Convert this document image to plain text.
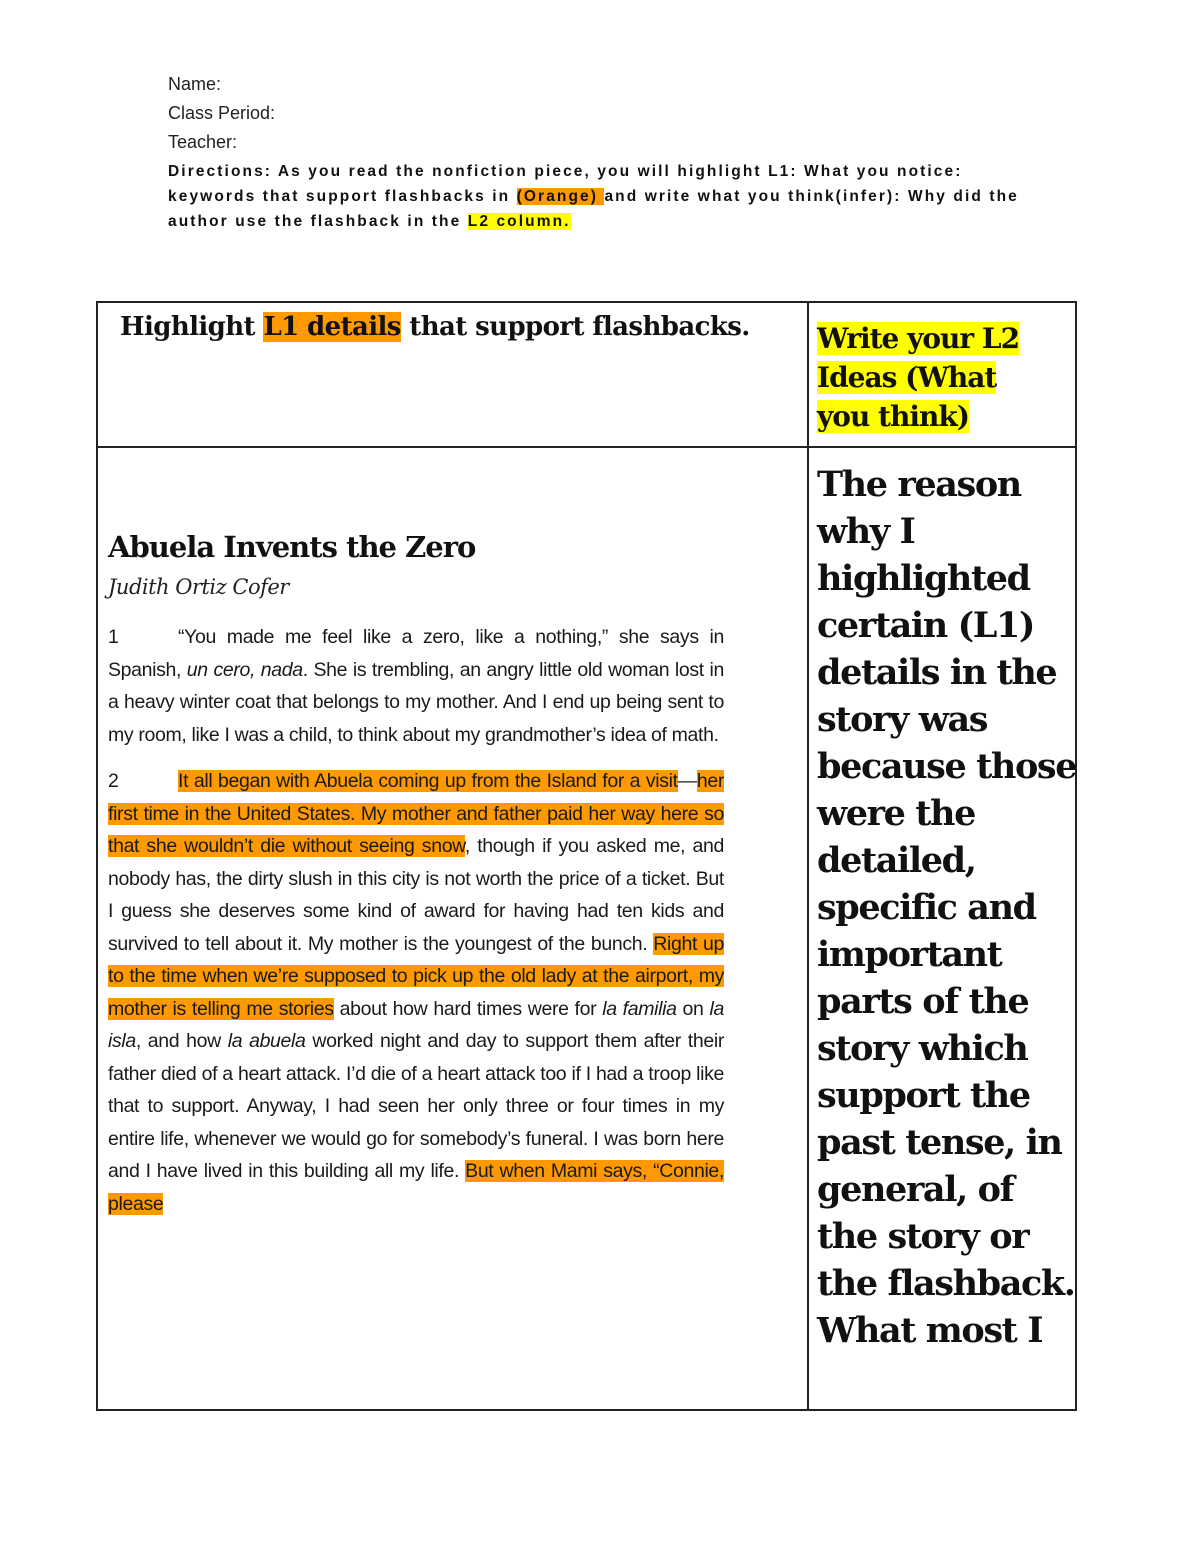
Name:

Class Period:

Teacher:

Directions: As you read the nonfiction piece, you will highlight L1: What you notice: keywords that support flashbacks in (Orange) and write what you think(infer): Why did the author use the flashback in the L2 column.
Highlight L1 details that support flashbacks. Write your L2 Ideas (What you think)
Abuela Invents the Zero

Judith Ortiz Cofer

1	“You made me feel like a zero, like a nothing,” she says in Spanish, un cero, nada. She is trembling, an angry little old woman lost in a heavy winter coat that belongs to my mother. And I end up being sent to my room, like I was a child, to think about my grandmother’s idea of math.

2	It all began with Abuela coming up from the Island for a visit—her first time in the United States. My mother and father paid her way here so that she wouldn’t die without seeing snow, though if you asked me, and nobody has, the dirty slush in this city is not worth the price of a ticket. But I guess she deserves some kind of award for having had ten kids and survived to tell about it. My mother is the youngest of the bunch. Right up to the time when we’re supposed to pick up the old lady at the airport, my mother is telling me stories about how hard times were for la familia on la isla, and how la abuela worked night and day to support them after their father died of a heart attack. I’d die of a heart attack too if I had a troop like that to support. Anyway, I had seen her only three or four times in my entire life, whenever we would go for somebody’s funeral. I was born here and I have lived in this building all my life. But when Mami says, “Connie, please

The reason why I highlighted certain (L1) details in the story was because those were the detailed, specific and important parts of the story which support the past tense, in general, of the story or the flashback. What most I
